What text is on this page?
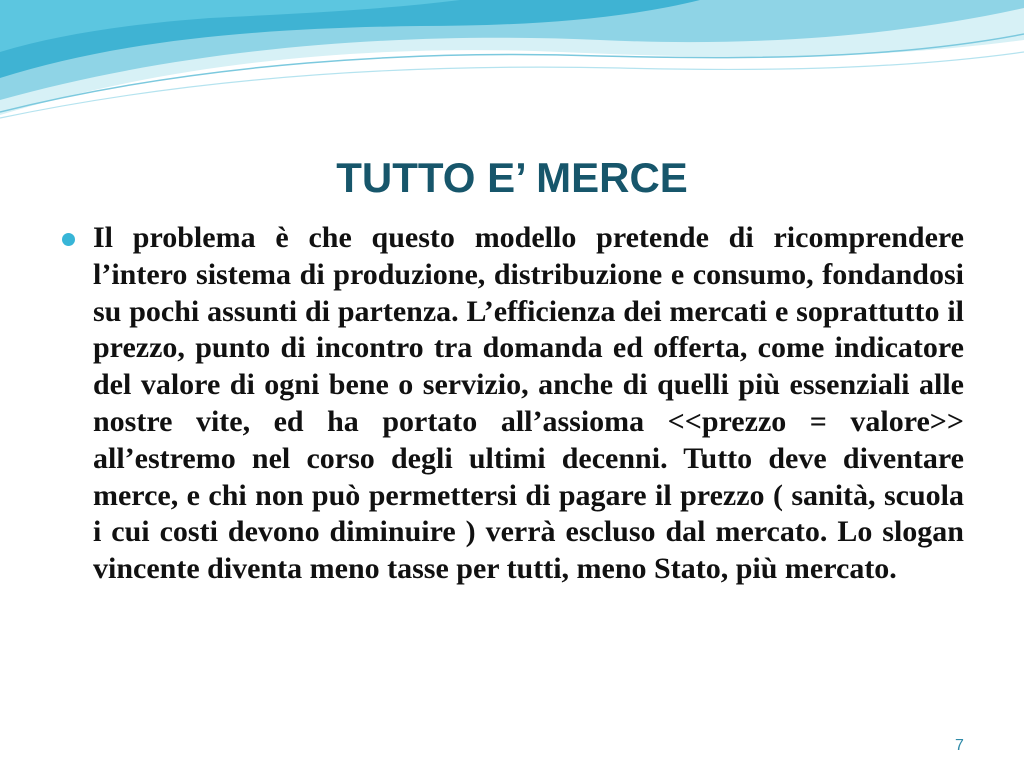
TUTTO E’ MERCE
Il problema è che questo modello pretende di ricomprendere l’intero sistema di produzione, distribuzione e consumo, fondandosi su pochi assunti di partenza. L’efficienza dei mercati e soprattutto il prezzo, punto di incontro tra domanda ed offerta, come indicatore del valore di ogni bene o servizio, anche di quelli più essenziali alle nostre vite, ed ha portato all’assioma <<prezzo = valore>> all’estremo nel corso degli ultimi decenni. Tutto deve diventare merce, e chi non può permettersi di pagare il prezzo ( sanità, scuola i cui costi devono diminuire ) verrà escluso dal mercato. Lo slogan vincente diventa meno tasse per tutti, meno Stato, più mercato.
7
